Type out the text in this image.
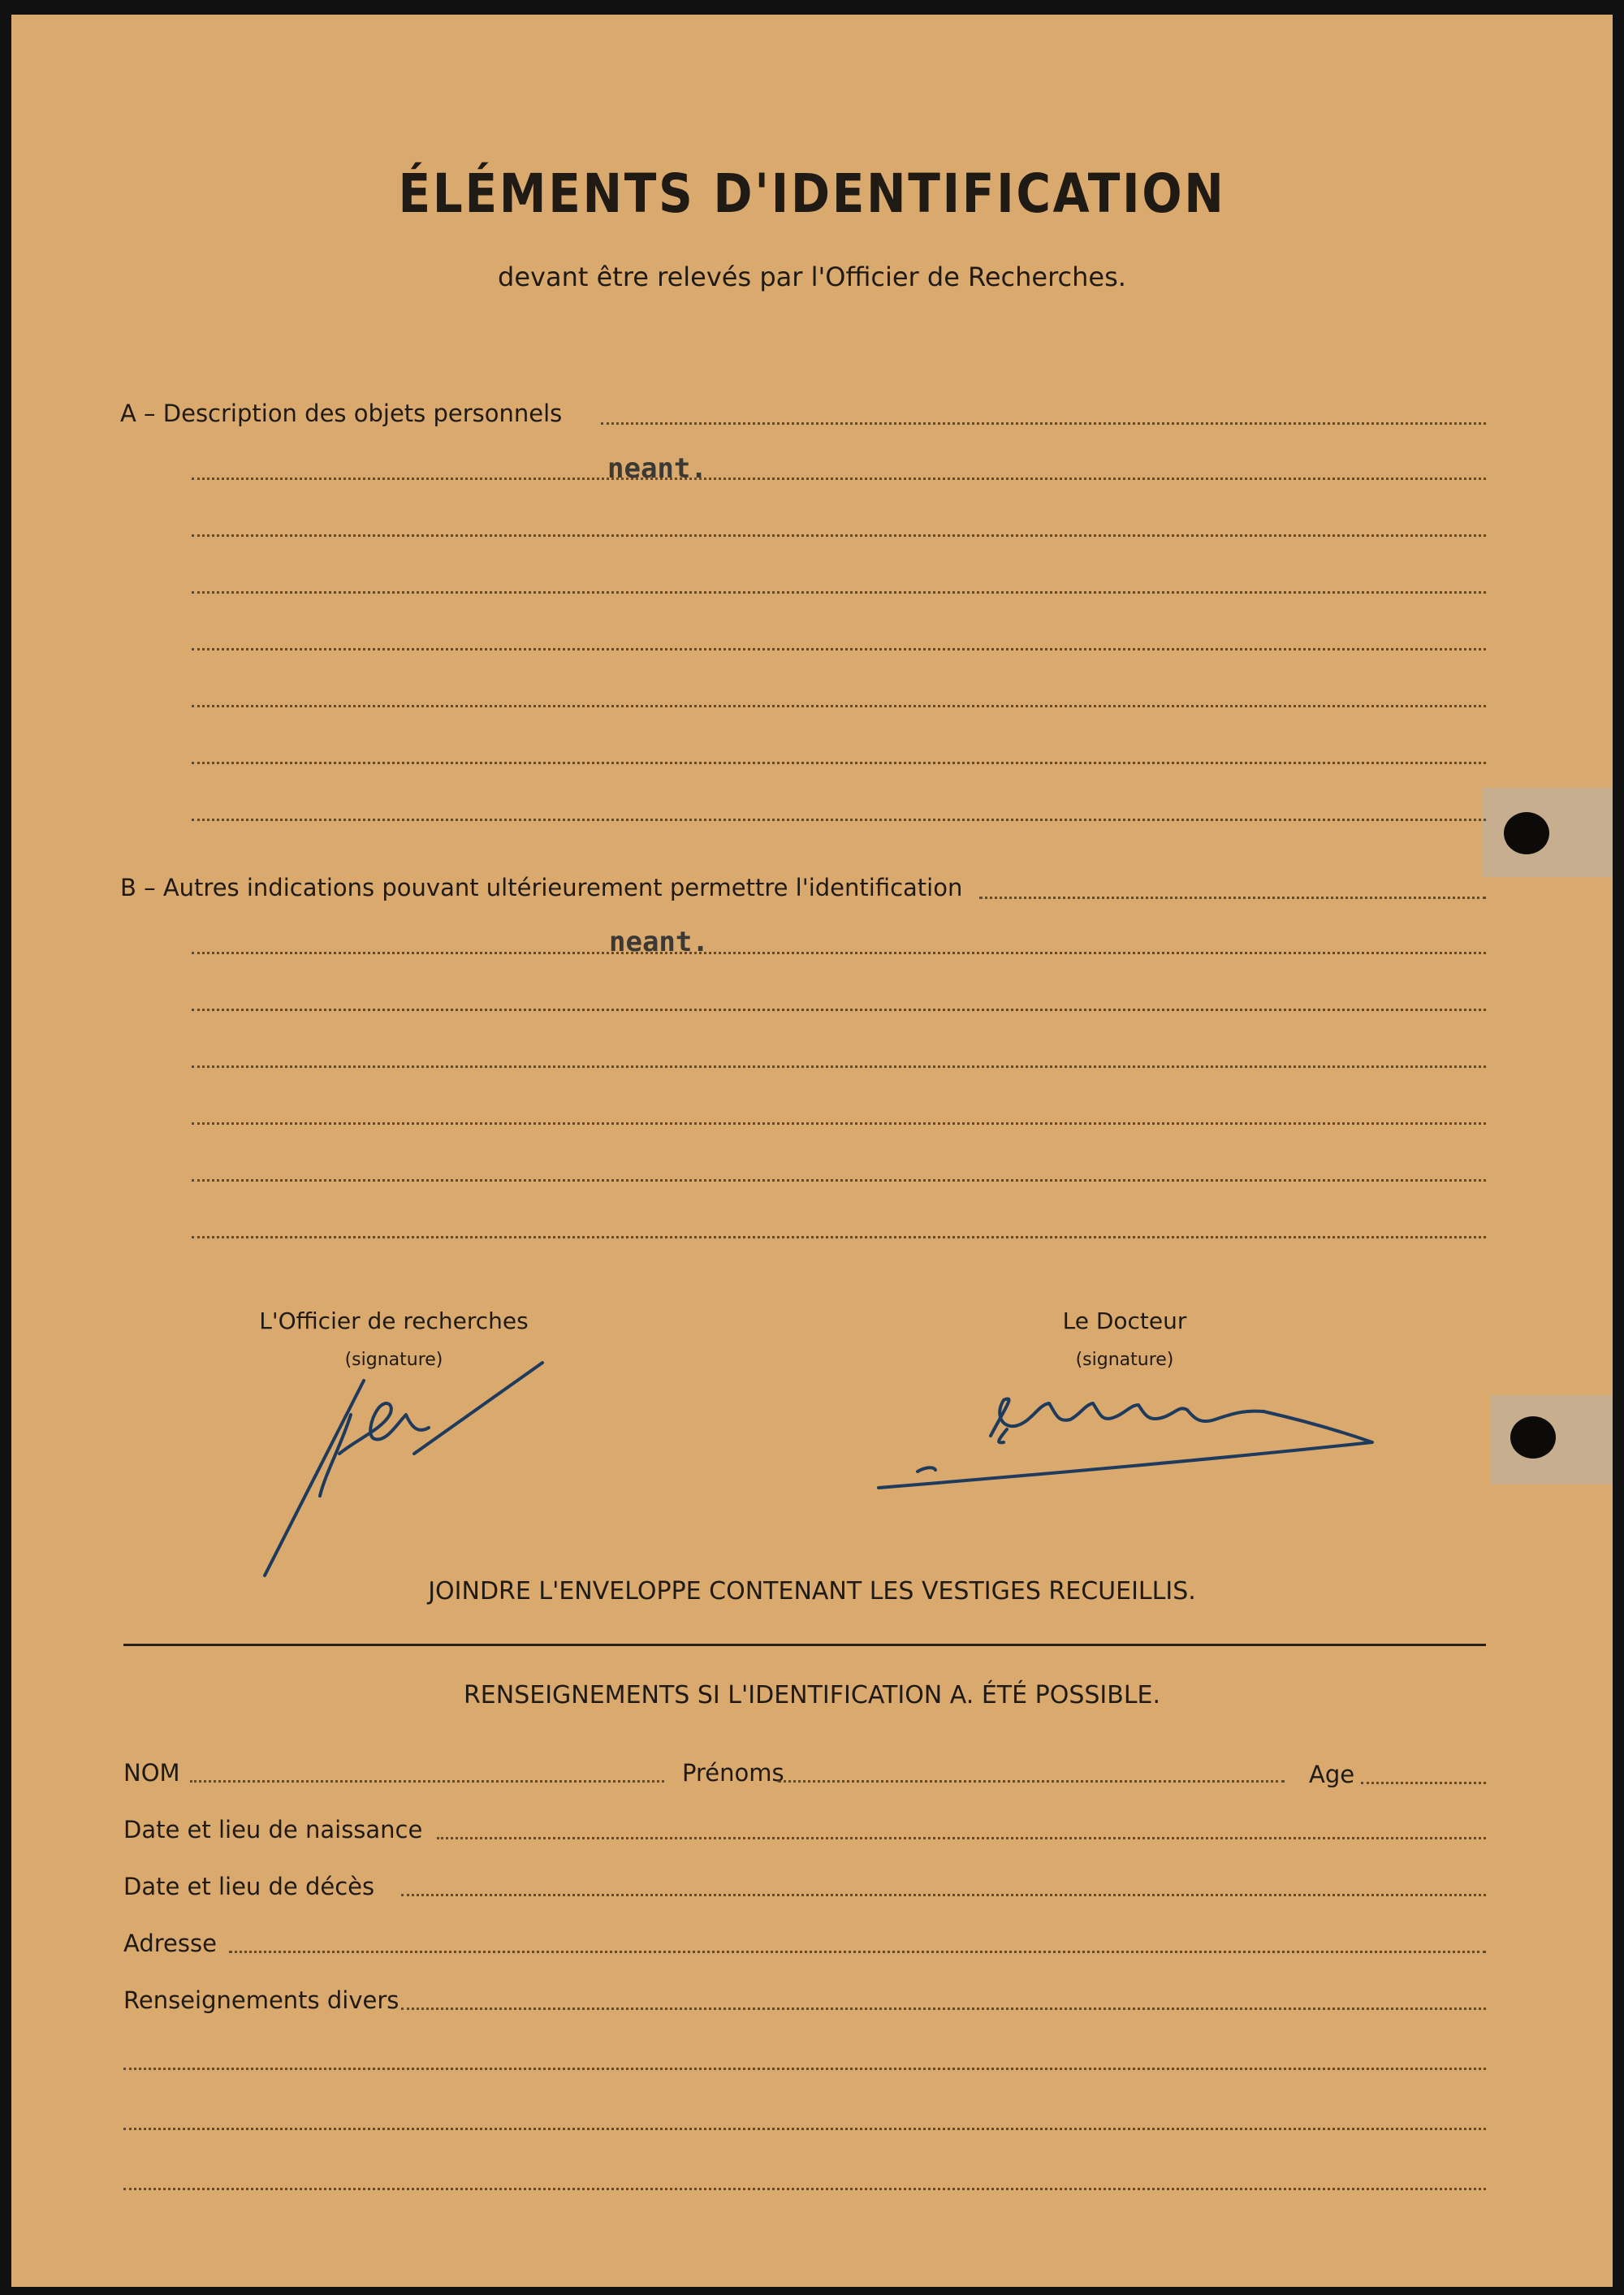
ÉLÉMENTS D'IDENTIFICATION
devant être relevés par l'Officier de Recherches.
A – Description des objets personnels
neant.
B – Autres indications pouvant ultérieurement permettre l'identification
neant.
L'Officier de recherches
(signature)
Le Docteur
(signature)
JOINDRE L'ENVELOPPE CONTENANT LES VESTIGES RECUEILLIS.
RENSEIGNEMENTS SI L'IDENTIFICATION A. ÉTÉ POSSIBLE.
NOM	Prénoms	Age
Date et lieu de naissance
Date et lieu de décès
Adresse
Renseignements divers
